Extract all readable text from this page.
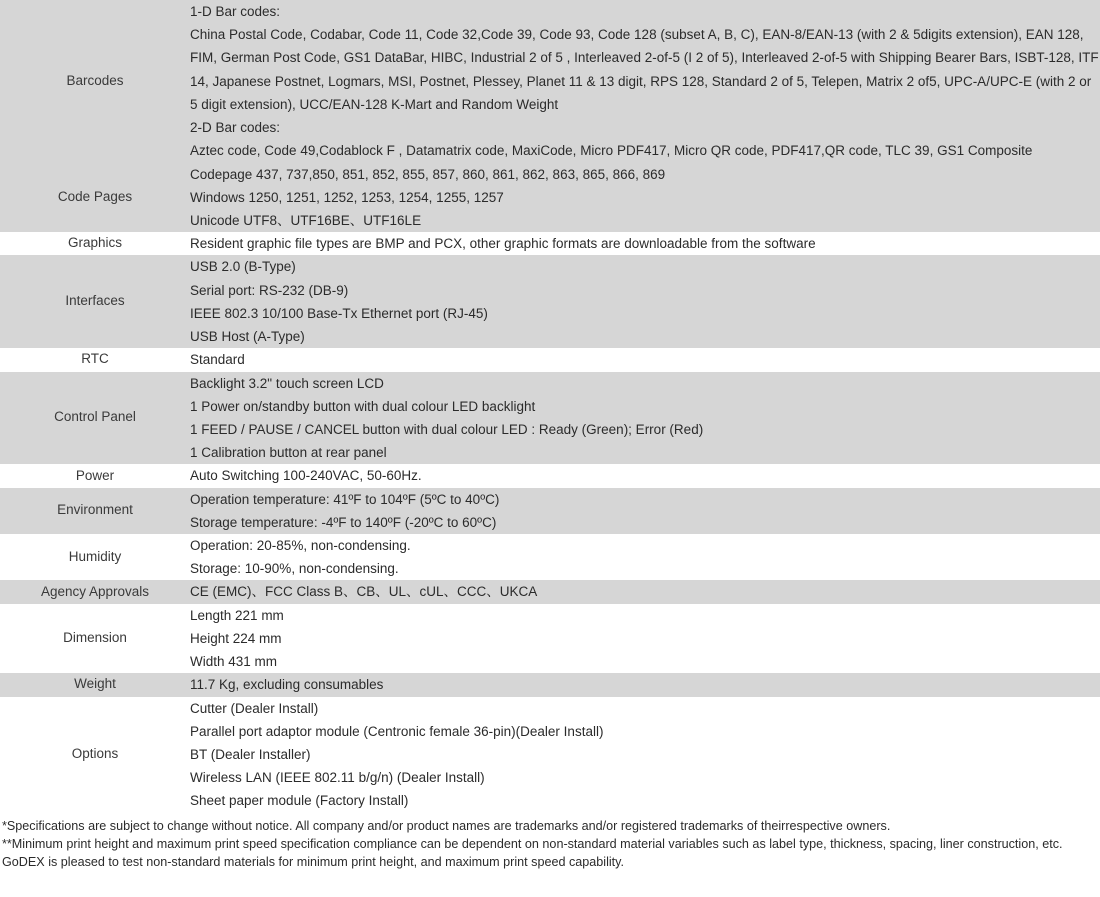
Barcodes	1-D Bar codes:
China Postal Code, Codabar, Code 11, Code 32,Code 39, Code 93, Code 128 (subset A, B, C), EAN-8/EAN-13 (with 2 & 5digits extension), EAN 128, FIM, German Post Code, GS1 DataBar, HIBC, Industrial 2 of 5 , Interleaved 2-of-5 (I 2 of 5), Interleaved 2-of-5 with Shipping Bearer Bars, ISBT-128, ITF 14, Japanese Postnet, Logmars, MSI, Postnet, Plessey, Planet 11 & 13 digit, RPS 128, Standard 2 of 5, Telepen, Matrix 2 of5, UPC-A/UPC-E (with 2 or 5 digit extension), UCC/EAN-128 K-Mart and Random Weight
2-D Bar codes:
Aztec code, Code 49,Codablock F , Datamatrix code, MaxiCode, Micro PDF417, Micro QR code, PDF417,QR code, TLC 39, GS1 Composite

Code Pages	Codepage 437, 737,850, 851, 852, 855, 857, 860, 861, 862, 863, 865, 866, 869
Windows 1250, 1251, 1252, 1253, 1254, 1255, 1257
Unicode UTF8、UTF16BE、UTF16LE

Graphics	Resident graphic file types are BMP and PCX, other graphic formats are downloadable from the software

Interfaces	USB 2.0 (B-Type)
Serial port: RS-232 (DB-9)
IEEE 802.3 10/100 Base-Tx Ethernet port (RJ-45)
USB Host (A-Type)

RTC	Standard

Control Panel	Backlight 3.2" touch screen LCD
1 Power on/standby button with dual colour LED backlight
1 FEED / PAUSE / CANCEL button with dual colour LED : Ready (Green); Error (Red)
1 Calibration button at rear panel

Power	Auto Switching 100-240VAC, 50-60Hz.

Environment	Operation temperature: 41ºF to 104ºF (5ºC to 40ºC)
Storage temperature: -4ºF to 140ºF (-20ºC to 60ºC)

Humidity	Operation: 20-85%, non-condensing.
Storage: 10-90%, non-condensing.

Agency Approvals	CE (EMC)、FCC Class B、CB、UL、cUL、CCC、UKCA

Dimension	Length 221 mm
Height 224 mm
Width 431 mm

Weight	11.7 Kg, excluding consumables

Options	Cutter (Dealer Install)
Parallel port adaptor module (Centronic female 36-pin)(Dealer Install)
BT (Dealer Installer)
Wireless LAN (IEEE 802.11 b/g/n) (Dealer Install)
Sheet paper module (Factory Install)
*Specifications are subject to change without notice. All company and/or product names are trademarks and/or registered trademarks of theirrespective owners.
**Minimum print height and maximum print speed specification compliance can be dependent on non-standard material variables such as label type, thickness, spacing, liner construction, etc. GoDEX is pleased to test non-standard materials for minimum print height, and maximum print speed capability.
